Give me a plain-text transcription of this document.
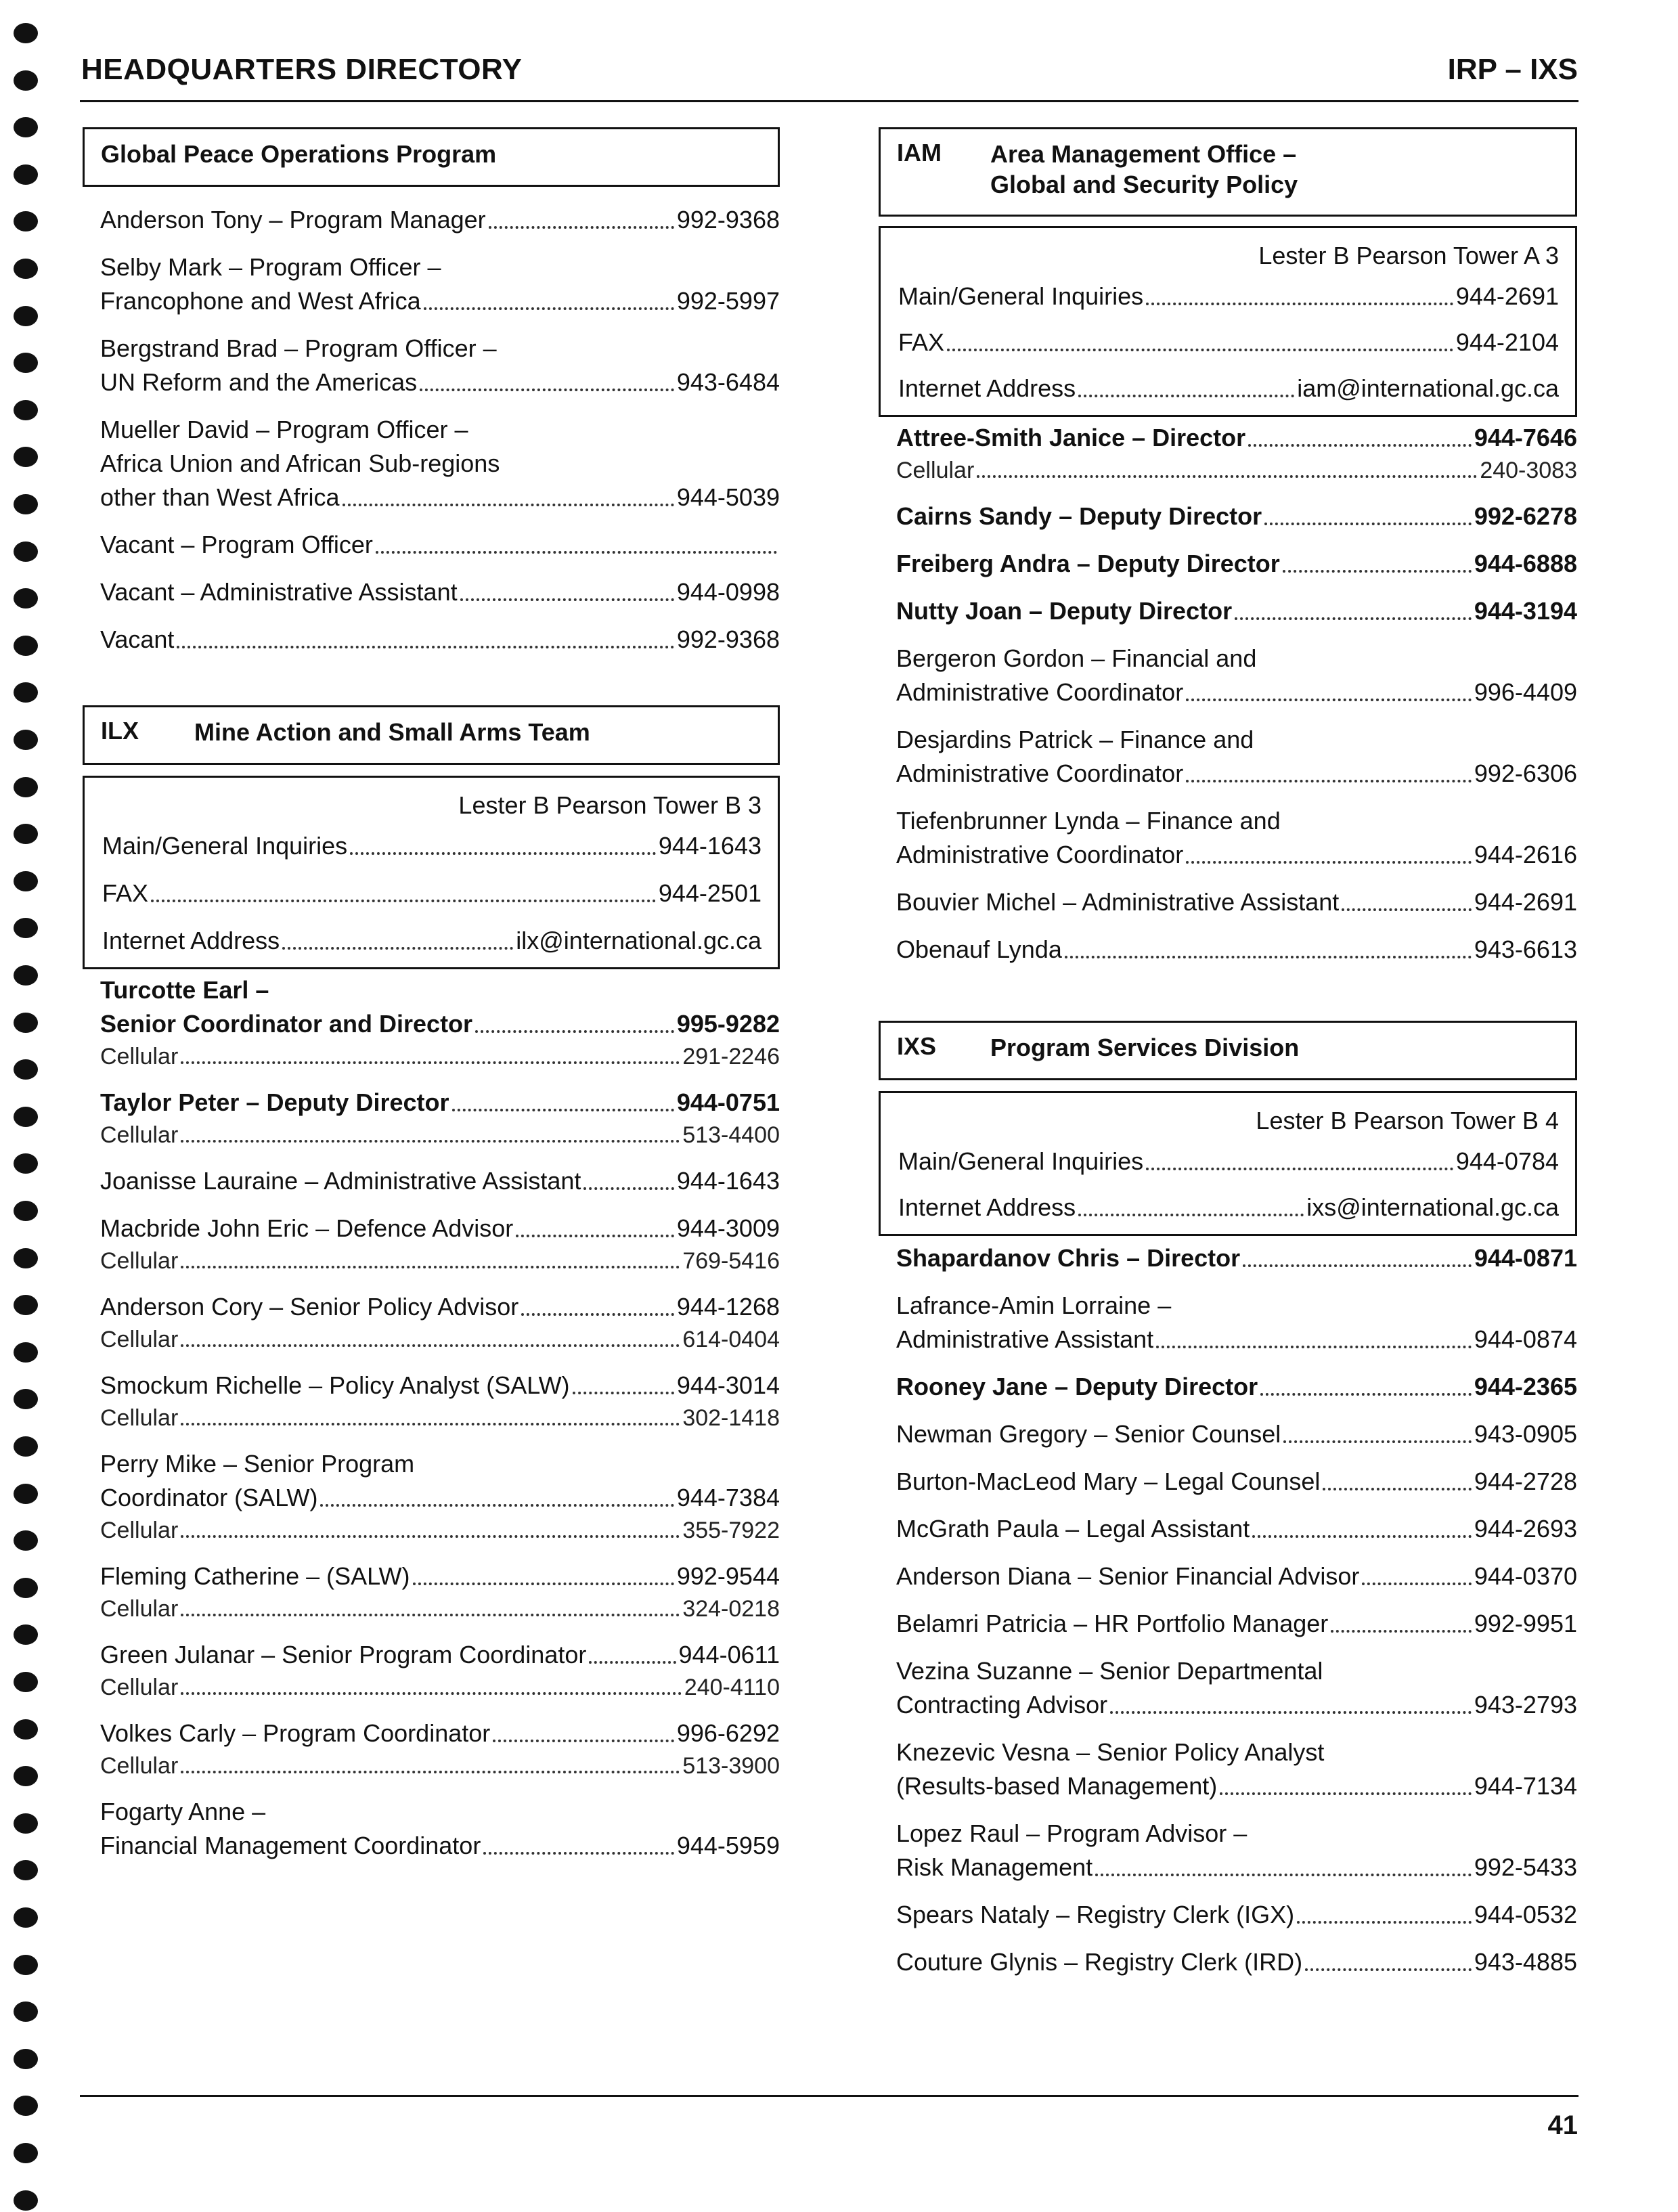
HEADQUARTERS DIRECTORY	IRP – IXS
Global Peace Operations Program
Anderson Tony – Program Manager	992-9368
Selby Mark – Program Officer –
Francophone and West Africa	992-5997
Bergstrand Brad – Program Officer –
UN Reform and the Americas	943-6484
Mueller David – Program Officer –
Africa Union and African Sub-regions
other than West Africa	944-5039
Vacant – Program Officer
Vacant – Administrative Assistant	944-0998
Vacant	992-9368
ILX Mine Action and Small Arms Team
Lester B Pearson Tower B 3
Main/General Inquiries	944-1643
FAX	944-2501
Internet Address	ilx@international.gc.ca
Turcotte Earl –
Senior Coordinator and Director	995-9282
Cellular	291-2246
Taylor Peter – Deputy Director	944-0751
Cellular	513-4400
Joanisse Lauraine – Administrative Assistant	944-1643
Macbride John Eric – Defence Advisor	944-3009
Cellular	769-5416
Anderson Cory – Senior Policy Advisor	944-1268
Cellular	614-0404
Smockum Richelle – Policy Analyst (SALW)	944-3014
Cellular	302-1418
Perry Mike – Senior Program
Coordinator (SALW)	944-7384
Cellular	355-7922
Fleming Catherine – (SALW)	992-9544
Cellular	324-0218
Green Julanar – Senior Program Coordinator	944-0611
Cellular	240-4110
Volkes Carly – Program Coordinator	996-6292
Cellular	513-3900
Fogarty Anne –
Financial Management Coordinator	944-5959
IAM Area Management Office –
Global and Security Policy
Lester B Pearson Tower A 3
Main/General Inquiries	944-2691
FAX	944-2104
Internet Address	iam@international.gc.ca
Attree-Smith Janice – Director	944-7646
Cellular	240-3083
Cairns Sandy – Deputy Director	992-6278
Freiberg Andra – Deputy Director	944-6888
Nutty Joan – Deputy Director	944-3194
Bergeron Gordon – Financial and
Administrative Coordinator	996-4409
Desjardins Patrick – Finance and
Administrative Coordinator	992-6306
Tiefenbrunner Lynda – Finance and
Administrative Coordinator	944-2616
Bouvier Michel – Administrative Assistant	944-2691
Obenauf Lynda	943-6613
IXS Program Services Division
Lester B Pearson Tower B 4
Main/General Inquiries	944-0784
Internet Address	ixs@international.gc.ca
Shapardanov Chris – Director	944-0871
Lafrance-Amin Lorraine –
Administrative Assistant	944-0874
Rooney Jane – Deputy Director	944-2365
Newman Gregory – Senior Counsel	943-0905
Burton-MacLeod Mary – Legal Counsel	944-2728
McGrath Paula – Legal Assistant	944-2693
Anderson Diana – Senior Financial Advisor	944-0370
Belamri Patricia – HR Portfolio Manager	992-9951
Vezina Suzanne – Senior Departmental
Contracting Advisor	943-2793
Knezevic Vesna – Senior Policy Analyst
(Results-based Management)	944-7134
Lopez Raul – Program Advisor –
Risk Management	992-5433
Spears Nataly – Registry Clerk (IGX)	944-0532
Couture Glynis – Registry Clerk (IRD)	943-4885
41
